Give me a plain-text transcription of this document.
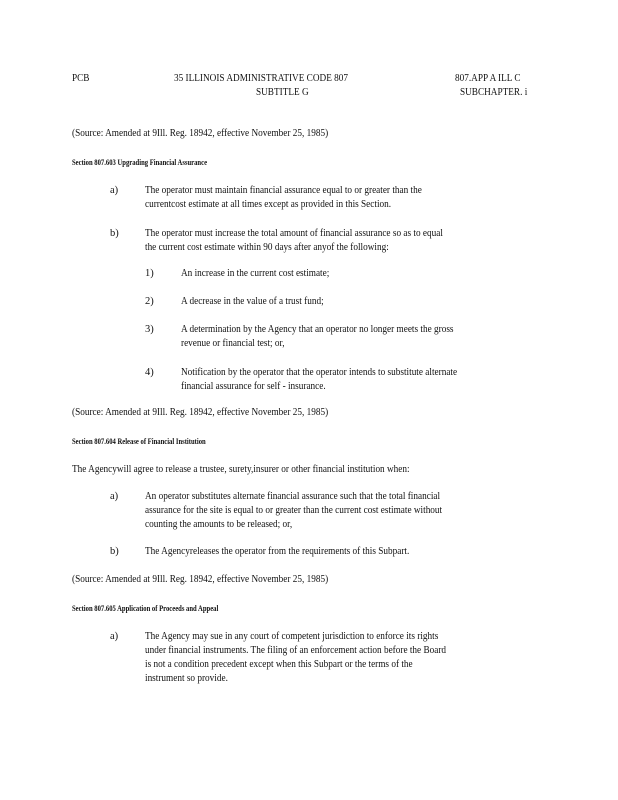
PCB	35 ILLINOIS ADMINISTRATIVE CODE 807
SUBTITLE G
807.APP A ILL C
SUBCHAPTER. i
(Source: Amended at 9Ill. Reg. 18942, effective November 25, 1985)
Section 807.603 Upgrading Financial Assurance
a)	The operator must maintain financial assurance equal to or greater than the
currentcost estimate at all times except as provided in this Section.
b)	The operator must increase the total amount of financial assurance so as to equal
the current cost estimate within 90 days after anyof the following:
1)	An increase in the current cost estimate;
2)	A decrease in the value of a trust fund;
3)	A determination by the Agency that an operator no longer meets the gross
revenue or financial test; or,
4)	Notification by the operator that the operator intends to substitute alternate
financial assurance for self - insurance.
(Source: Amended at 9Ill. Reg. 18942, effective November 25, 1985)
Section 807.604 Release of Financial Institution
The Agencywill agree to release a trustee, surety,insurer or other financial institution when:
a)	An operator substitutes alternate financial assurance such that the total financial
assurance for the site is equal to or greater than the current cost estimate without
counting the amounts to be released; or,
b)	The Agencyreleases the operator from the requirements of this Subpart.
(Source: Amended at 9Ill. Reg. 18942, effective November 25, 1985)
Section 807.605 Application of Proceeds and Appeal
a)	The Agency may sue in any court of competent jurisdiction to enforce its rights
under financial instruments. The filing of an enforcement action before the Board
is not a condition precedent except when this Subpart or the terms of the
instrument so provide.
